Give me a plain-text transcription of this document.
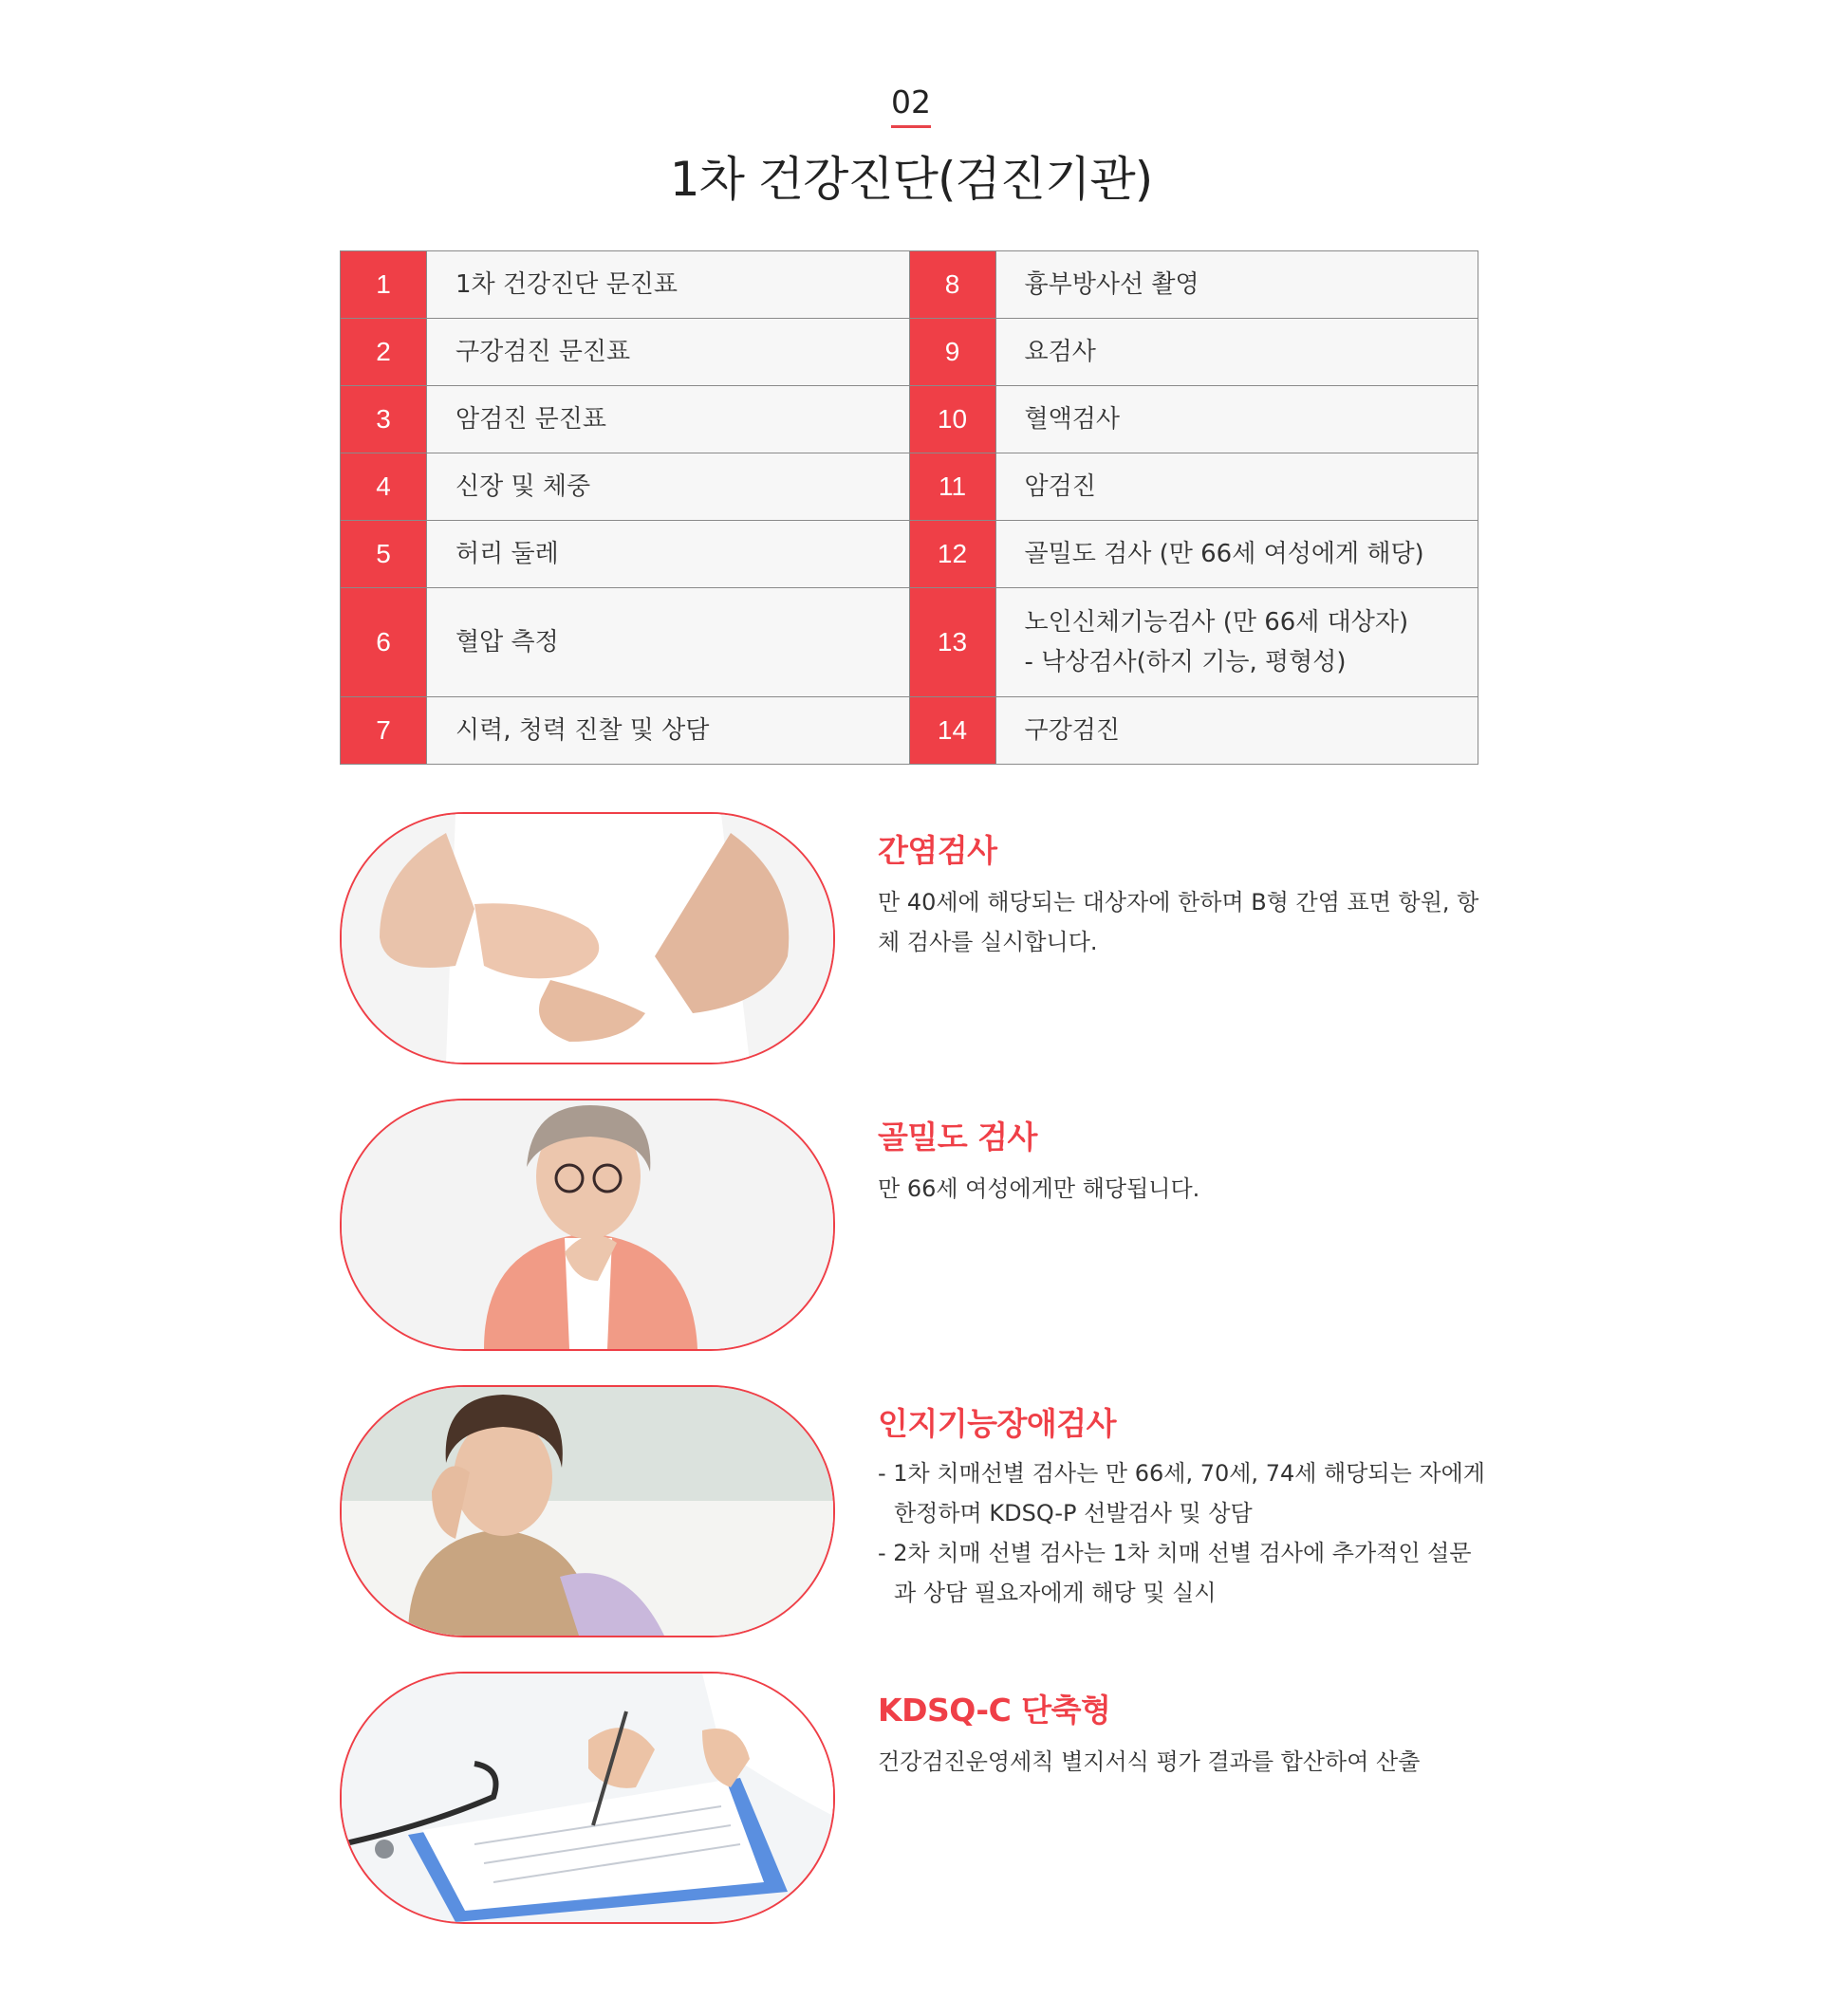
02
1차 건강진단(검진기관)
1	1차 건강진단 문진표	8	흉부방사선 촬영
2	구강검진 문진표	9	요검사
3	암검진 문진표	10	혈액검사
4	신장 및 체중	11	암검진
5	허리 둘레	12	골밀도 검사 (만 66세 여성에게 해당)
6	혈압 측정	13	노인신체기능검사 (만 66세 대상자)
- 낙상검사(하지 기능, 평형성)

7	시력, 청력 진찰 및 상담	14	구강검진
간염검사

만 40세에 해당되는 대상자에 한하며 B형 간염 표면 항원, 항체 검사를 실시합니다.

골밀도 검사

만 66세 여성에게만 해당됩니다.

인지기능장애검사
- 1차 치매선별 검사는 만 66세, 70세, 74세 해당되는 자에게 한정하며 KDSQ-P 선발검사 및 상담
- 2차 치매 선별 검사는 1차 치매 선별 검사에 추가적인 설문과 상담 필요자에게 해당 및 실시
KDSQ-C 단축형

건강검진운영세칙 별지서식 평가 결과를 합산하여 산출
